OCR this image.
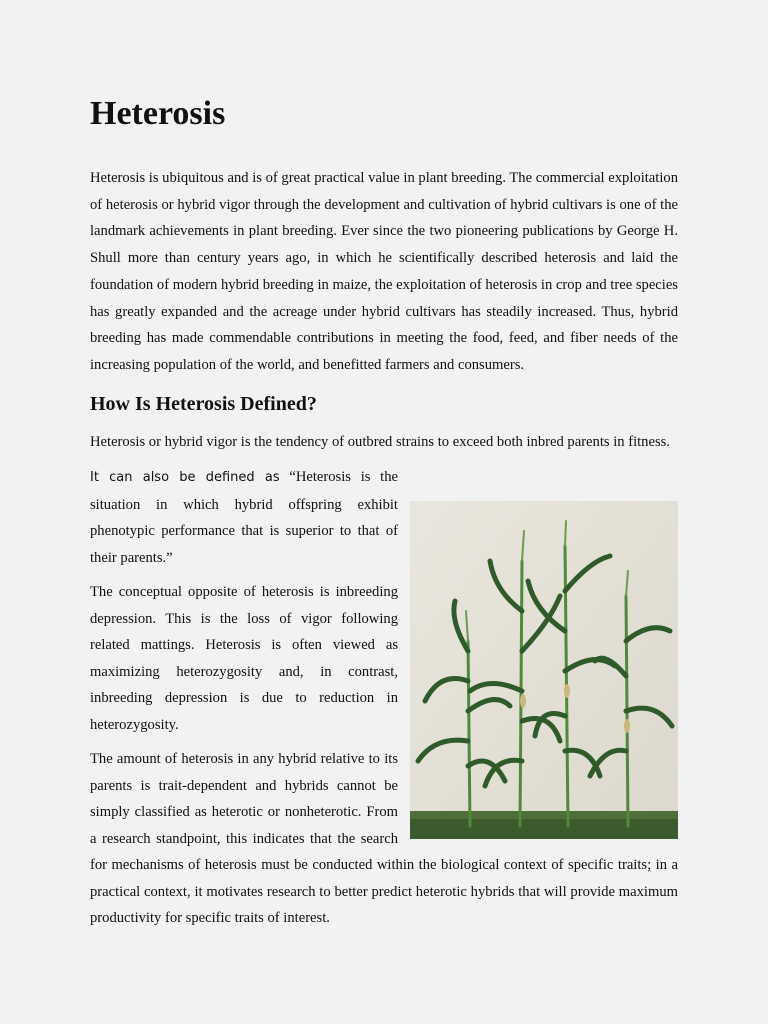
Heterosis

Heterosis is ubiquitous and is of great practical value in plant breeding. The commercial exploitation of heterosis or hybrid vigor through the development and cultivation of hybrid cultivars is one of the landmark achievements in plant breeding. Ever since the two pioneering publications by George H. Shull more than century years ago, in which he scientifically described heterosis and laid the foundation of modern hybrid breeding in maize, the exploitation of heterosis in crop and tree species has greatly expanded and the acreage under hybrid cultivars has steadily increased. Thus, hybrid breeding has made commendable contributions in meeting the food, feed, and fiber needs of the increasing population of the world, and benefitted farmers and consumers.

How Is Heterosis Defined?

Heterosis or hybrid vigor is the tendency of outbred strains to exceed both inbred parents in fitness.

It can also be defined as “Heterosis is the situation in which hybrid offspring exhibit phenotypic performance that is superior to that of their parents.”

The conceptual opposite of heterosis is inbreeding depression. This is the loss of vigor following related mattings. Heterosis is often viewed as maximizing heterozygosity and, in contrast, inbreeding depression is due to reduction in heterozygosity.

The amount of heterosis in any hybrid relative to its parents is trait-dependent and hybrids cannot be simply classified as heterotic or nonheterotic. From a research standpoint, this indicates that the search for mechanisms of heterosis must be conducted within the biological context of specific traits; in a practical context, it motivates research to better predict heterotic hybrids that will provide maximum productivity for specific traits of interest.
